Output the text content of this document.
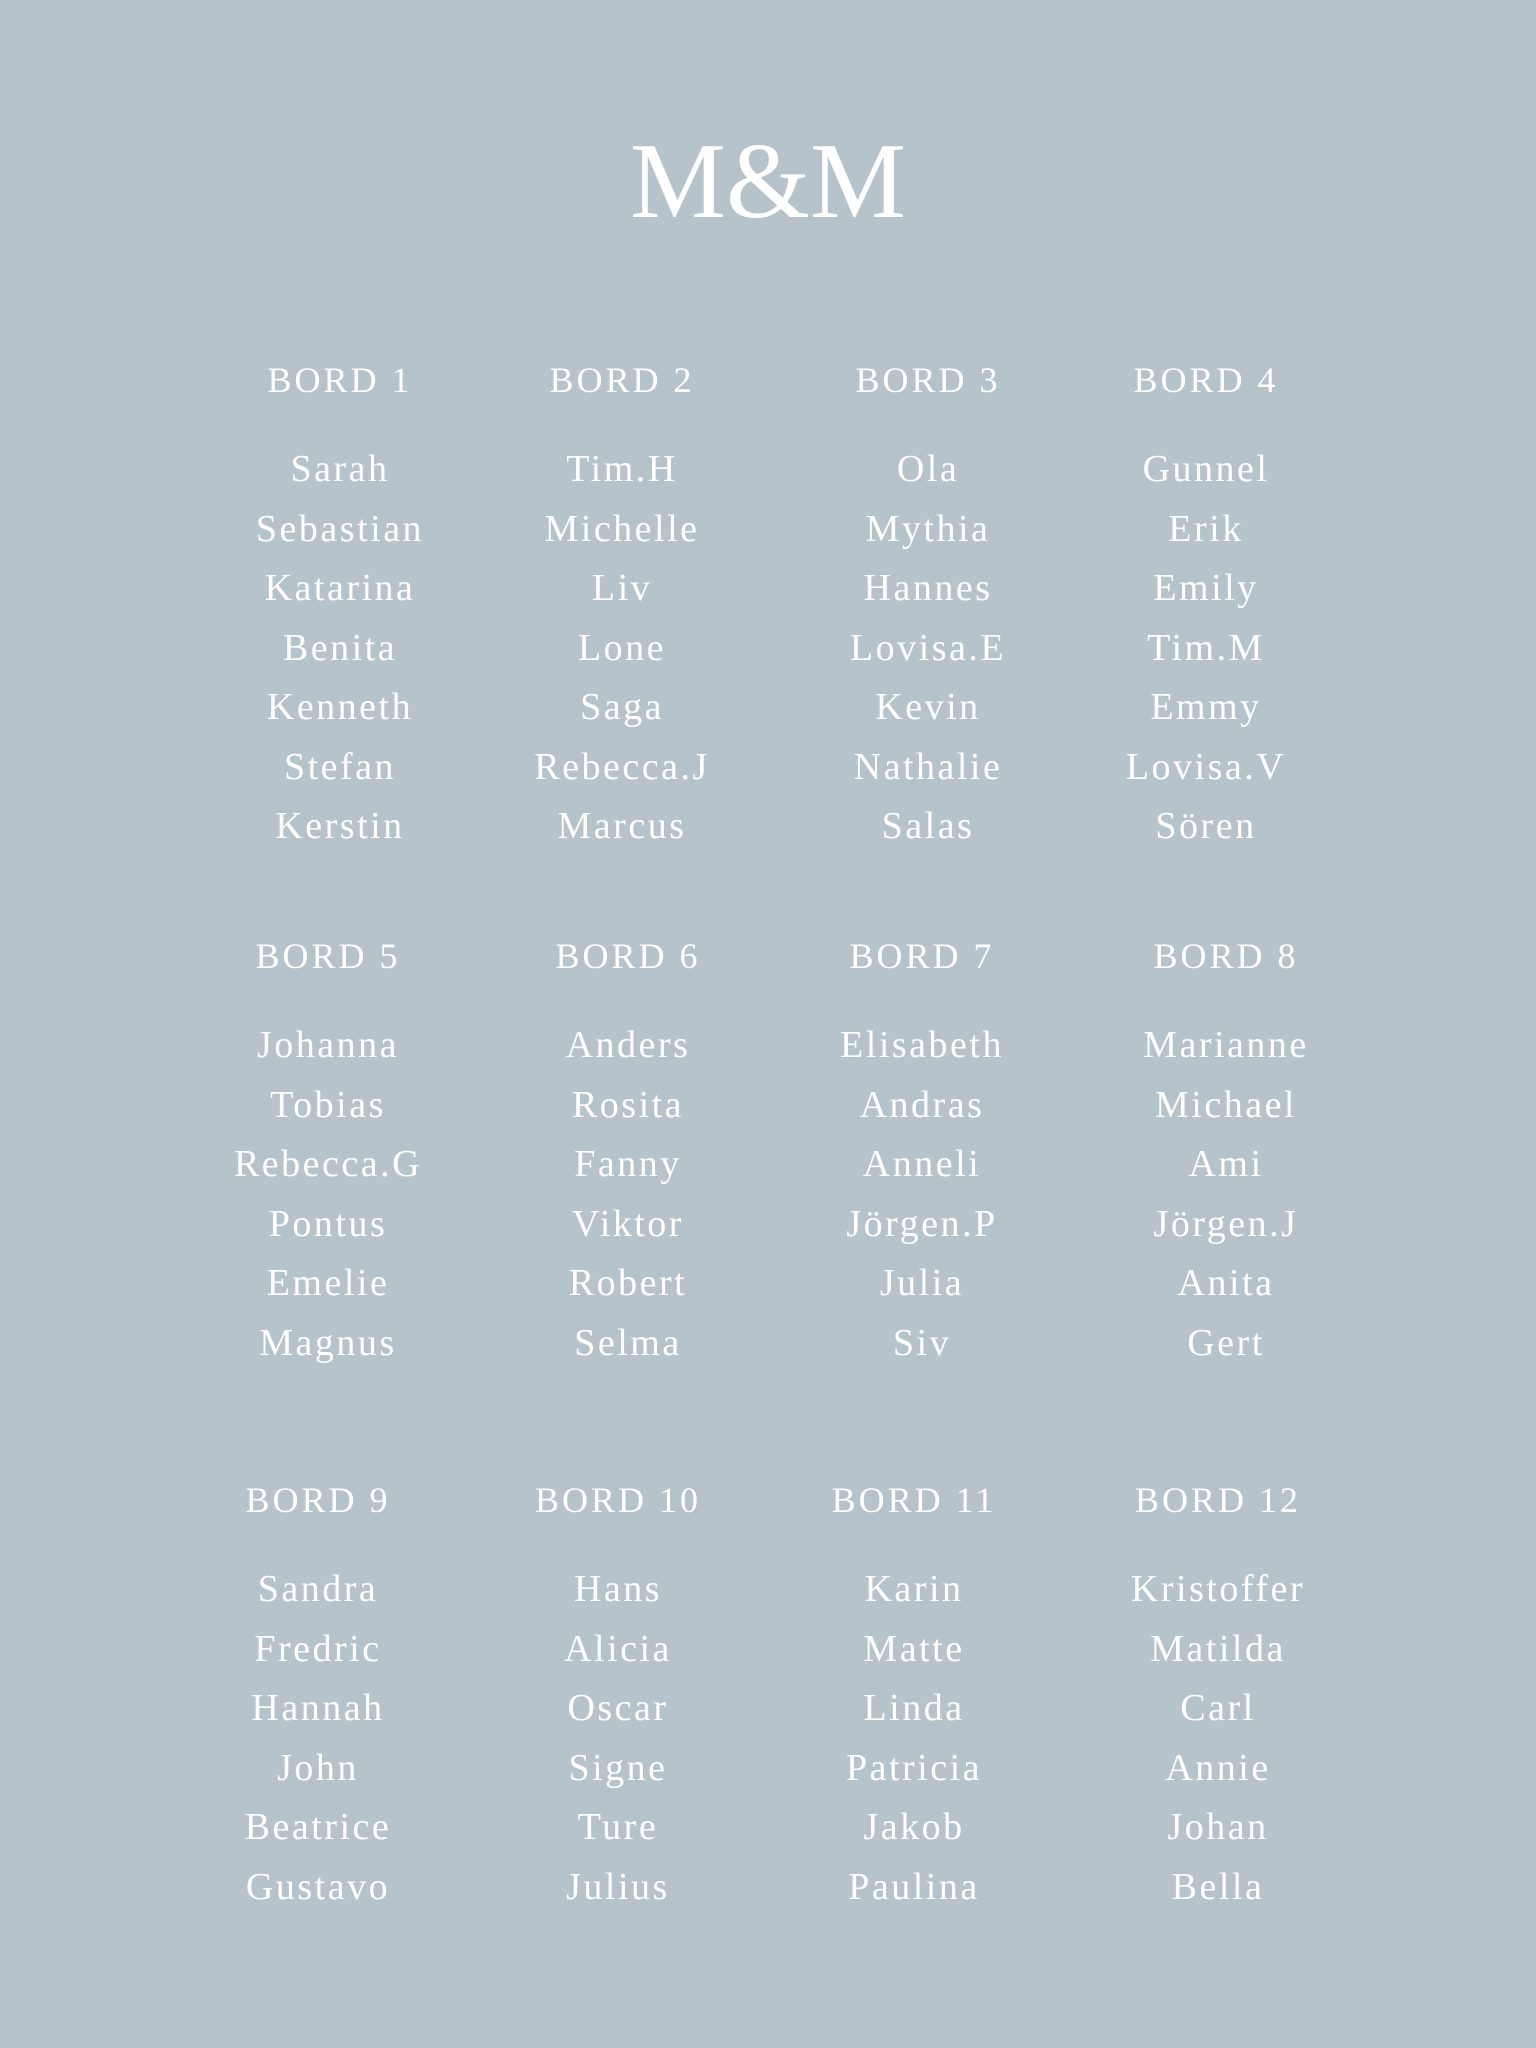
M&M
BORD 1
Sarah
Sebastian
Katarina
Benita
Kenneth
Stefan
Kerstin
BORD 2
Tim.H
Michelle
Liv
Lone
Saga
Rebecca.J
Marcus
BORD 3
Ola
Mythia
Hannes
Lovisa.E
Kevin
Nathalie
Salas
BORD 4
Gunnel
Erik
Emily
Tim.M
Emmy
Lovisa.V
Sören
BORD 5
Johanna
Tobias
Rebecca.G
Pontus
Emelie
Magnus
BORD 6
Anders
Rosita
Fanny
Viktor
Robert
Selma
BORD 7
Elisabeth
Andras
Anneli
Jörgen.P
Julia
Siv
BORD 8
Marianne
Michael
Ami
Jörgen.J
Anita
Gert
BORD 9
Sandra
Fredric
Hannah
John
Beatrice
Gustavo
BORD 10
Hans
Alicia
Oscar
Signe
Ture
Julius
BORD 11
Karin
Matte
Linda
Patricia
Jakob
Paulina
BORD 12
Kristoffer
Matilda
Carl
Annie
Johan
Bella
